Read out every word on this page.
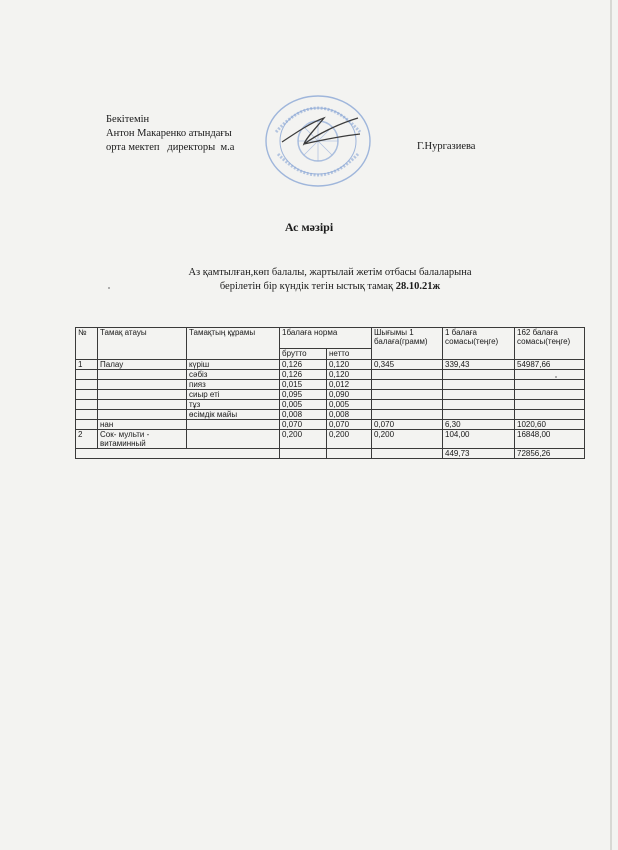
Бекітемін
Антон Макаренко атындағы
орта мектеп   директоры  м.а	Г.Нургазиева
Ас мәзірі
Аз қамтылған,көп балалы, жартылай жетім отбасы балаларына
берілетін бір күндік тегін ыстық тамақ 28.10.21ж
№	Тамақ атауы	Тамақтың құрамы	1балаға норма		Шығымы 1 балаға(грамм)	1 балаға сомасы(теңге)	162 балаға сомасы(теңге)
			брутто	нетто			
1	Палау	күріш	0,126	0,120	0,345	339,43	54987,66
		сәбіз	0,126	0,120			
		пияз	0,015	0,012			
		сиыр еті	0,095	0,090			
		тұз	0,005	0,005			
		өсімдік майы	0,008	0,008			
	нан		0,070	0,070	0,070	6,30	1020,60
2	Сок- мульти - витаминный		0,200	0,200	0,200	104,00	16848,00
						449,73	72856,26
